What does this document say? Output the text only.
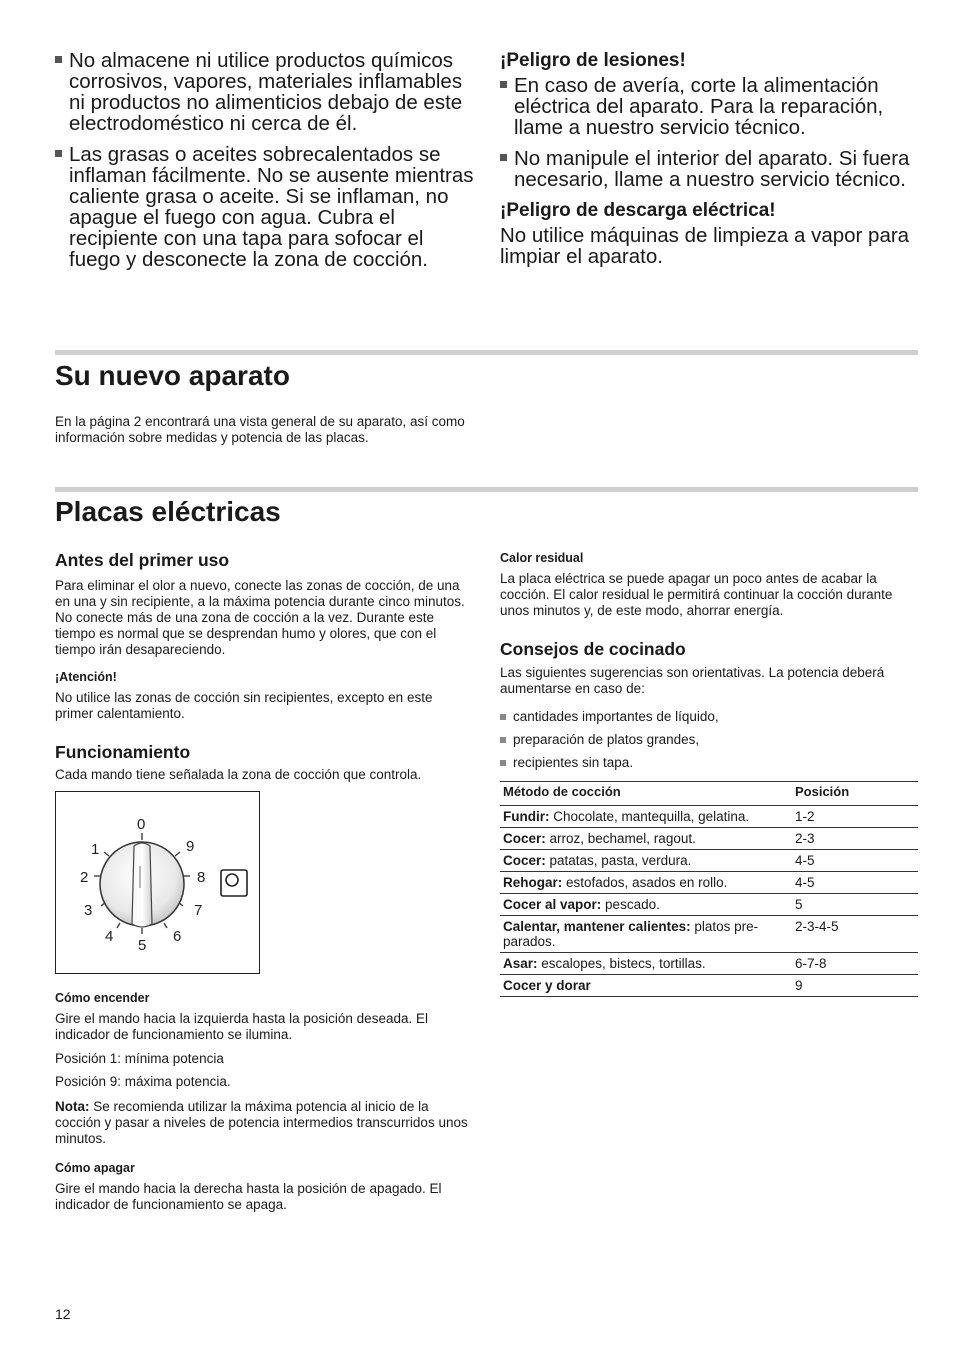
No almacene ni utilice productos químicos corrosivos, vapores, materiales inflamables ni productos no alimenticios debajo de este electrodoméstico ni cerca de él.
Las grasas o aceites sobrecalentados se inflaman fácilmente. No se ausente mientras caliente grasa o aceite. Si se inflaman, no apague el fuego con agua. Cubra el recipiente con una tapa para sofocar el fuego y desconecte la zona de cocción.
¡Peligro de lesiones!
En caso de avería, corte la alimentación eléctrica del aparato. Para la reparación, llame a nuestro servicio técnico.
No manipule el interior del aparato. Si fuera necesario, llame a nuestro servicio técnico.
¡Peligro de descarga eléctrica!
No utilice máquinas de limpieza a vapor para limpiar el aparato.
Su nuevo aparato

En la página 2 encontrará una vista general de su aparato, así como información sobre medidas y potencia de las placas.

Placas eléctricas
Antes del primer uso

Para eliminar el olor a nuevo, conecte las zonas de cocción, de una en una y sin recipiente, a la máxima potencia durante cinco minutos. No conecte más de una zona de cocción a la vez. Durante este tiempo es normal que se desprendan humo y olores, que con el tiempo irán desapareciendo.

¡Atención!

No utilice las zonas de cocción sin recipientes, excepto en este primer calentamiento.

Funcionamiento

Cada mando tiene señalada la zona de cocción que controla.

0
1
2
3
4
5
6
7
8
9
Cómo encender

Gire el mando hacia la izquierda hasta la posición deseada. El indicador de funcionamiento se ilumina.

Posición 1: mínima potencia

Posición 9: máxima potencia.

Nota: Se recomienda utilizar la máxima potencia al inicio de la cocción y pasar a niveles de potencia intermedios transcurridos unos minutos.

Cómo apagar

Gire el mando hacia la derecha hasta la posición de apagado. El indicador de funcionamiento se apaga.

Calor residual

La placa eléctrica se puede apagar un poco antes de acabar la cocción. El calor residual le permitirá continuar la cocción durante unos minutos y, de este modo, ahorrar energía.

Consejos de cocinado

Las siguientes sugerencias son orientativas. La potencia deberá aumentarse en caso de:

cantidades importantes de líquido,
preparación de platos grandes,
recipientes sin tapa.
Método de cocción	Posición
Fundir: Chocolate, mantequilla, gelatina.	1-2
Cocer: arroz, bechamel, ragout.	2-3
Cocer: patatas, pasta, verdura.	4-5
Rehogar: estofados, asados en rollo.	4-5
Cocer al vapor: pescado.	5
Calentar, mantener calientes: platos pre-parados.	2-3-4-5
Asar: escalopes, bistecs, tortillas.	6-7-8
Cocer y dorar	9
12
